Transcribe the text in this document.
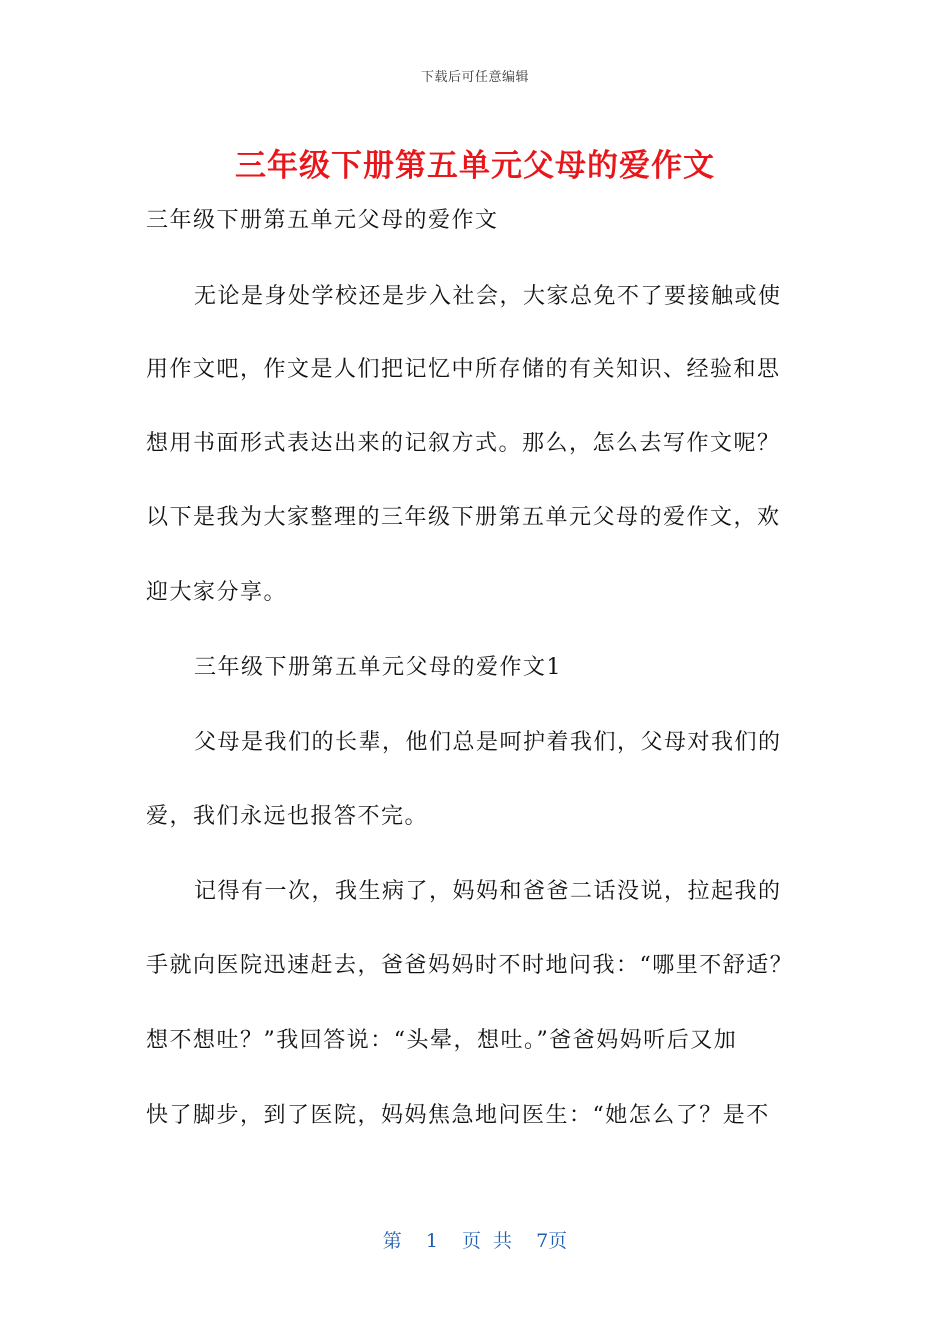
下载后可任意编辑
三年级下册第五单元父母的爱作文
三年级下册第五单元父母的爱作文
无论是身处学校还是步入社会，大家总免不了要接触或使
用作文吧，作文是人们把记忆中所存储的有关知识、经验和思
想用书面形式表达出来的记叙方式。那么，怎么去写作文呢？
以下是我为大家整理的三年级下册第五单元父母的爱作文，欢
迎大家分享。
三年级下册第五单元父母的爱作文1
父母是我们的长辈，他们总是呵护着我们，父母对我们的
爱，我们永远也报答不完。
记得有一次，我生病了，妈妈和爸爸二话没说，拉起我的
手就向医院迅速赶去，爸爸妈妈时不时地问我：“哪里不舒适？
想不想吐？”我回答说：“头晕，想吐。”爸爸妈妈听后又加
快了脚步，到了医院，妈妈焦急地问医生：“她怎么了？是不
第 1 页 共 7页
